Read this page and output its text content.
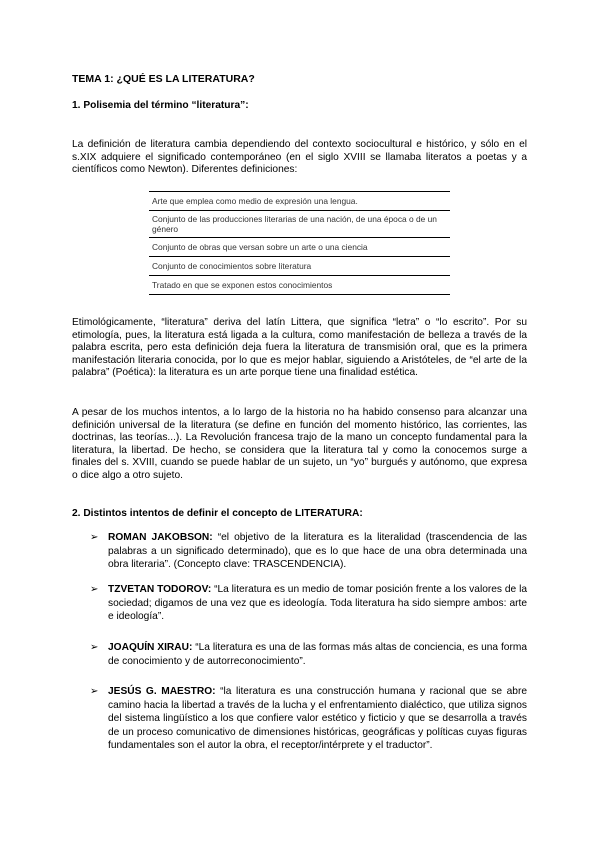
TEMA 1: ¿QUÉ ES LA LITERATURA?
1. Polisemia del término “literatura”:

La definición de literatura cambia dependiendo del contexto sociocultural e histórico, y sólo en el s.XIX adquiere el significado contemporáneo (en el siglo XVIII se llamaba literatos a poetas y a científicos como Newton). Diferentes definiciones:

Arte que emplea como medio de expresión una lengua.
Conjunto de las producciones literarias de una nación, de una época o de un género
Conjunto de obras que versan sobre un arte o una ciencia
Conjunto de conocimientos sobre literatura
Tratado en que se exponen estos conocimientos

Etimológicamente, “literatura” deriva del latín Littera, que significa “letra” o “lo escrito”. Por su etimología, pues, la literatura está ligada a la cultura, como manifestación de belleza a través de la palabra escrita, pero esta definición deja fuera la literatura de transmisión oral, que es la primera manifestación literaria conocida, por lo que es mejor hablar, siguiendo a Aristóteles, de “el arte de la palabra” (Poética): la literatura es un arte porque tiene una finalidad estética.

A pesar de los muchos intentos, a lo largo de la historia no ha habido consenso para alcanzar una definición universal de la literatura (se define en función del momento histórico, las corrientes, las doctrinas, las teorías...). La Revolución francesa trajo de la mano un concepto fundamental para la literatura, la libertad. De hecho, se considera que la literatura tal y como la conocemos surge a finales del s. XVIII, cuando se puede hablar de un sujeto, un “yo” burgués y autónomo, que expresa o dice algo a otro sujeto.

2. Distintos intentos de definir el concepto de LITERATURA:
➢ ROMAN JAKOBSON: “el objetivo de la literatura es la literalidad (trascendencia de las palabras a un significado determinado), que es lo que hace de una obra determinada una obra literaria”. (Concepto clave: TRASCENDENCIA).
➢ TZVETAN TODOROV: “La literatura es un medio de tomar posición frente a los valores de la sociedad; digamos de una vez que es ideología. Toda literatura ha sido siempre ambos: arte e ideología”.
➢ JOAQUÍN XIRAU: “La literatura es una de las formas más altas de conciencia, es una forma de conocimiento y de autorreconocimiento”.
➢ JESÚS G. MAESTRO: “la literatura es una construcción humana y racional que se abre camino hacia la libertad a través de la lucha y el enfrentamiento dialéctico, que utiliza signos del sistema lingüístico a los que confiere valor estético y ficticio y que se desarrolla a través de un proceso comunicativo de dimensiones históricas, geográficas y políticas cuyas figuras fundamentales son el autor la obra, el receptor/intérprete y el traductor”.
